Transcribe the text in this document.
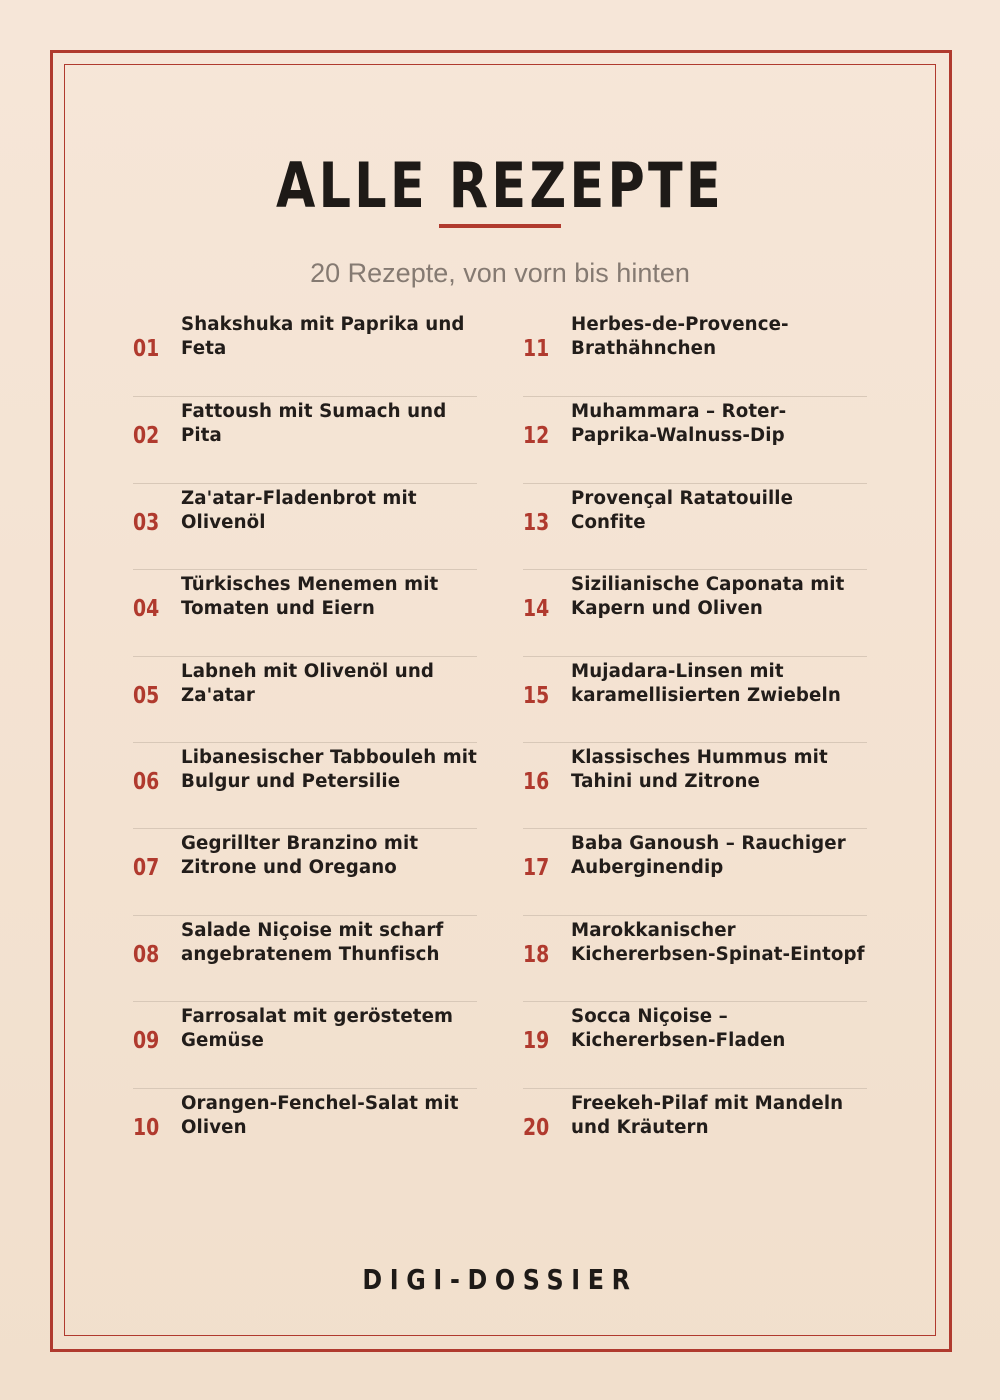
ALLE REZEPTE
20 Rezepte, von vorn bis hinten
01
Shakshuka mit Paprika und Feta
02
Fattoush mit Sumach und Pita
03
Za'atar-Fladenbrot mit Olivenöl
04
Türkisches Menemen mit Tomaten und Eiern
05
Labneh mit Olivenöl und Za'atar
06
Libanesischer Tabbouleh mit Bulgur und Petersilie
07
Gegrillter Branzino mit Zitrone und Oregano
08
Salade Niçoise mit scharf angebratenem Thunfisch
09
Farrosalat mit geröstetem Gemüse
10
Orangen-Fenchel-Salat mit Oliven
11
Herbes-de-Provence-Brathähnchen
12
Muhammara – Roter-Paprika-Walnuss-Dip
13
Provençal Ratatouille Confite
14
Sizilianische Caponata mit Kapern und Oliven
15
Mujadara-Linsen mit karamellisierten Zwiebeln
16
Klassisches Hummus mit Tahini und Zitrone
17
Baba Ganoush – Rauchiger Auberginendip
18
Marokkanischer Kichererbsen-Spinat-Eintopf
19
Socca Niçoise – Kichererbsen-Fladen
20
Freekeh-Pilaf mit Mandeln und Kräutern
DIGI-DOSSIER
